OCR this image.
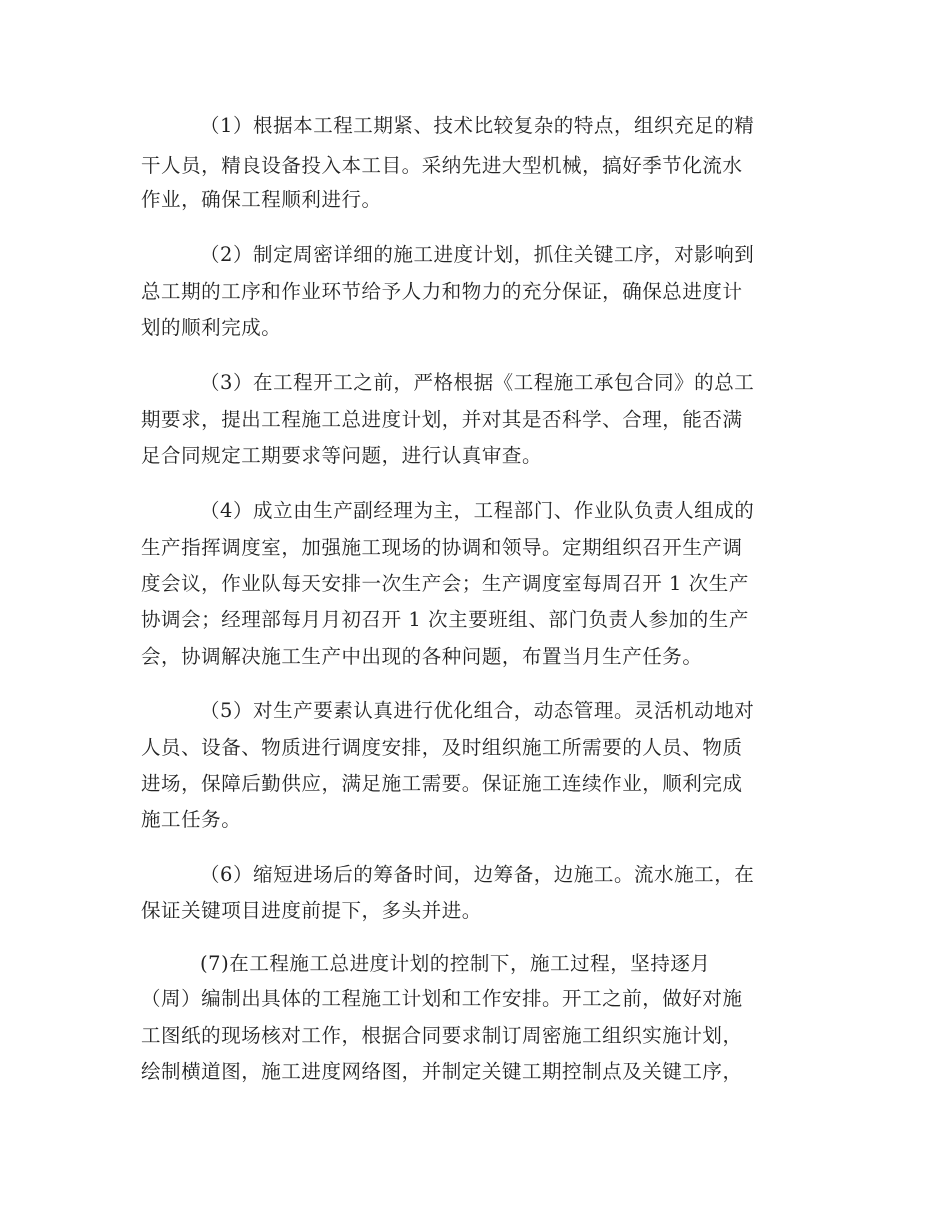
（1）根据本工程工期紧、技术比较复杂的特点，组织充足的精
干人员，精良设备投入本工目。采纳先进大型机械，搞好季节化流水
作业，确保工程顺利进行。
（2）制定周密详细的施工进度计划，抓住关键工序，对影响到
总工期的工序和作业环节给予人力和物力的充分保证，确保总进度计
划的顺利完成。
（3）在工程开工之前，严格根据《工程施工承包合同》的总工
期要求，提出工程施工总进度计划，并对其是否科学、合理，能否满
足合同规定工期要求等问题，进行认真审查。
（4）成立由生产副经理为主，工程部门、作业队负责人组成的
生产指挥调度室，加强施工现场的协调和领导。定期组织召开生产调
度会议，作业队每天安排一次生产会；生产调度室每周召开 1 次生产
协调会；经理部每月月初召开 1 次主要班组、部门负责人参加的生产
会，协调解决施工生产中出现的各种问题，布置当月生产任务。
（5）对生产要素认真进行优化组合，动态管理。灵活机动地对
人员、设备、物质进行调度安排，及时组织施工所需要的人员、物质
进场，保障后勤供应，满足施工需要。保证施工连续作业，顺利完成
施工任务。
（6）缩短进场后的筹备时间，边筹备，边施工。流水施工，在
保证关键项目进度前提下，多头并进。
(7)在工程施工总进度计划的控制下，施工过程，坚持逐月
（周）编制出具体的工程施工计划和工作安排。开工之前，做好对施
工图纸的现场核对工作，根据合同要求制订周密施工组织实施计划，
绘制横道图，施工进度网络图，并制定关键工期控制点及关键工序，
